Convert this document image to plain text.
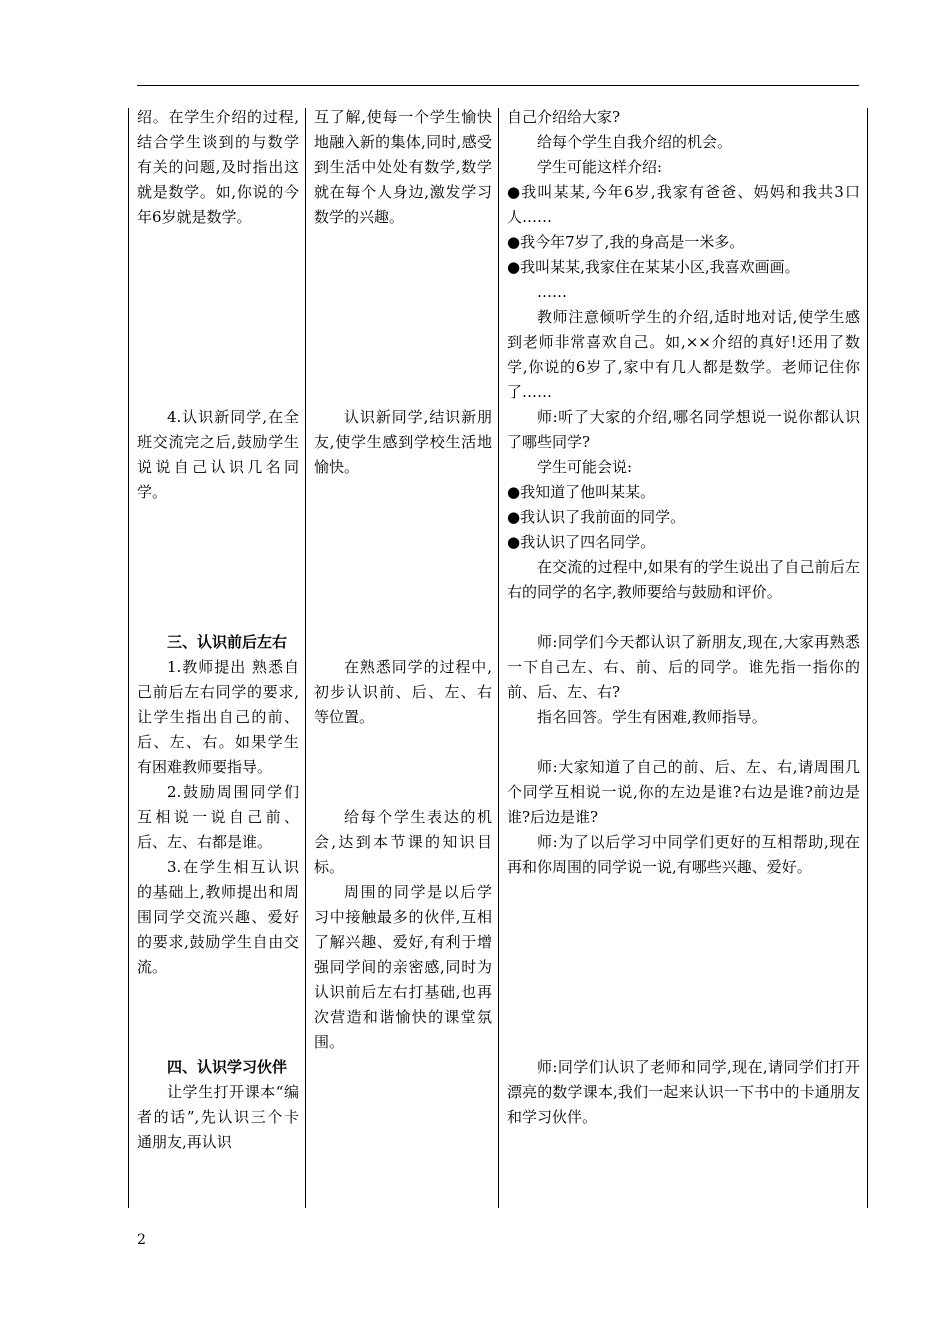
绍。在学生介绍的过程,结合学生谈到的与数学有关的问题,及时指出这就是数学。如,你说的今年6岁就是数学。

4.认识新同学,在全班交流完之后,鼓励学生说说自己认识几名同学。

三、认识前后左右

1.教师提出 熟悉自己前后左右同学的要求,让学生指出自己的前、后、左、右。如果学生有困难教师要指导。

2.鼓励周围同学们互相说一说自己前、后、左、右都是谁。

3.在学生相互认识的基础上,教师提出和周围同学交流兴趣、爱好的要求,鼓励学生自由交流。

四、认识学习伙伴

让学生打开课本“编者的话”,先认识三个卡通朋友,再认识

互了解,使每一个学生愉快地融入新的集体,同时,感受到生活中处处有数学,数学就在每个人身边,激发学习数学的兴趣。

认识新同学,结识新朋友,使学生感到学校生活地愉快。

在熟悉同学的过程中,初步认识前、后、左、右等位置。

给每个学生表达的机会,达到本节课的知识目标。

周围的同学是以后学习中接触最多的伙伴,互相了解兴趣、爱好,有利于增强同学间的亲密感,同时为认识前后左右打基础,也再次营造和谐愉快的课堂氛围。

自己介绍给大家?

给每个学生自我介绍的机会。

学生可能这样介绍:

● 我叫某某,今年6岁,我家有爸爸、妈妈和我共3口人……

● 我今年7岁了,我的身高是一米多。

● 我叫某某,我家住在某某小区,我喜欢画画。

……

教师注意倾听学生的介绍,适时地对话,使学生感到老师非常喜欢自己。如,××介绍的真好!还用了数学,你说的6岁了,家中有几人都是数学。老师记住你了……

师:听了大家的介绍,哪名同学想说一说你都认识了哪些同学?

学生可能会说:

● 我知道了他叫某某。

● 我认识了我前面的同学。

● 我认识了四名同学。

在交流的过程中,如果有的学生说出了自己前后左右的同学的名字,教师要给与鼓励和评价。

师:同学们今天都认识了新朋友,现在,大家再熟悉一下自己左、右、前、后的同学。谁先指一指你的前、后、左、右?

指名回答。学生有困难,教师指导。

师:大家知道了自己的前、后、左、右,请周围几个同学互相说一说,你的左边是谁?右边是谁?前边是谁?后边是谁?

师:为了以后学习中同学们更好的互相帮助,现在再和你周围的同学说一说,有哪些兴趣、爱好。

师:同学们认识了老师和同学,现在,请同学们打开漂亮的数学课本,我们一起来认识一下书中的卡通朋友和学习伙伴。

2
